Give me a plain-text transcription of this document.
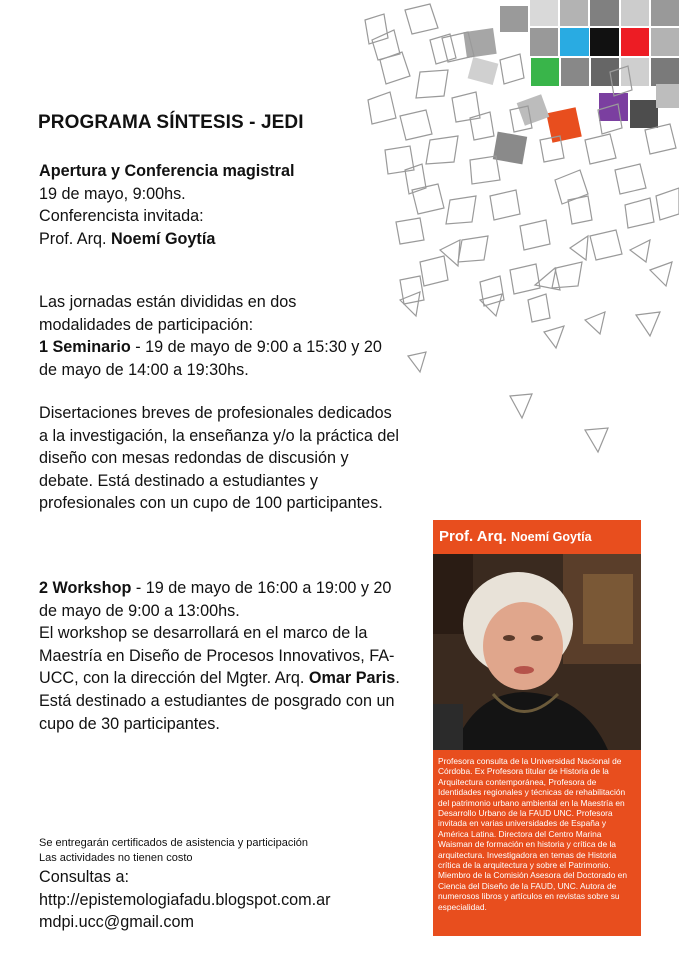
PROGRAMA SÍNTESIS - JEDI
Apertura y Conferencia magistral
19 de mayo, 9:00hs.
Conferencista invitada:
Prof. Arq. Noemí Goytía
Las jornadas están divididas en dos
modalidades de participación:
1 Seminario - 19 de mayo de 9:00 a 15:30 y 20 de mayo de 14:00 a 19:30hs.
Disertaciones breves de profesionales dedicados a la investigación, la enseñanza y/o la práctica del diseño con mesas redondas de discusión y debate. Está destinado a estudiantes y profesionales con un cupo de 100 participantes.
2 Workshop - 19 de mayo de 16:00 a 19:00 y 20 de mayo de 9:00 a 13:00hs.
El workshop se desarrollará en el marco de la Maestría en Diseño de Procesos Innovativos, FA-UCC, con la dirección del Mgter. Arq. Omar Paris. Está destinado a estudiantes de posgrado con un cupo de 30 participantes.
Prof. Arq. Noemí Goytía
Profesora consulta de la Universidad Nacional de Córdoba. Ex Profesora titular de Historia de la Arquitectura contemporánea, Profesora de Identidades regionales y técnicas de rehabilitación del patrimonio urbano ambiental en la Maestría en Desarrollo Urbano de la FAUD UNC. Profesora invitada en varias universidades de España y América Latina. Directora del Centro Marina Waisman de formación en historia y crítica de la arquitectura. Investigadora en temas de Historia crítica de la arquitectura y sobre el Patrimonio. Miembro de la Comisión Asesora del Doctorado en Ciencia del Diseño de la FAUD, UNC. Autora de numerosos libros y artículos en revistas sobre su especialidad.
Se entregarán certificados de asistencia y participación
Las actividades no tienen costo
Consultas a:
http://epistemologiafadu.blogspot.com.ar
mdpi.ucc@gmail.com
